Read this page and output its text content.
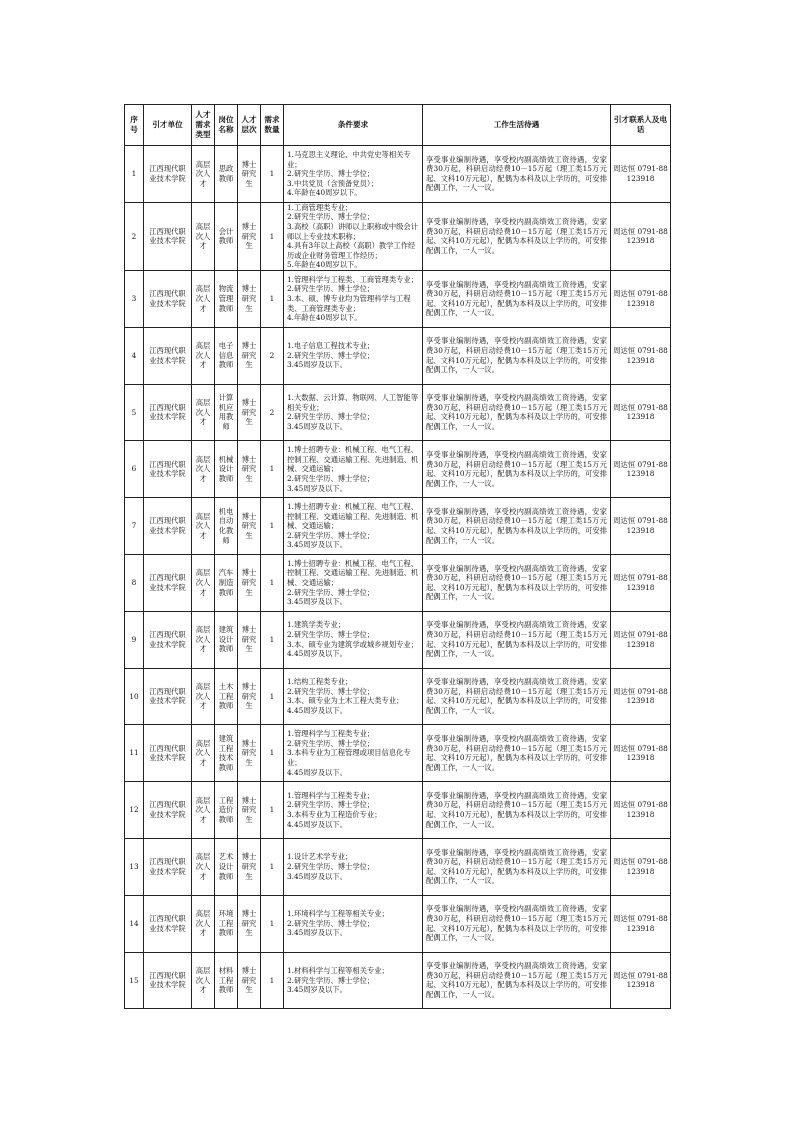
序号	引才单位	人才需求类型	岗位名称	人才层次	需求数量	条件要求	工作生活待遇	引才联系人及电话
1	江西现代职业技术学院	高层次人才	思政教师	博士研究生	1	1.马克思主义理论、中共党史等相关专业；
2.研究生学历、博士学位；
3.中共党员（含预备党员）；
4.年龄在40周岁以下。	享受事业编制待遇，享受校内副高绩效工资待遇，安家费30万起，科研启动经费10－15万起（理工类15万元起、文科10万元起），配偶为本科及以上学历的，可安排配偶工作，一人一议。	周达恒 0791-88123918
2	江西现代职业技术学院	高层次人才	会计教师	博士研究生	1	1.工商管理类专业；
2.研究生学历、博士学位；
3.高校（高职）讲师以上职称或中级会计师以上专业技术职称；
4.具有3年以上高校（高职）教学工作经历或企业财务管理工作经历；
5.年龄在40周岁以下。	享受事业编制待遇，享受校内副高绩效工资待遇，安家费30万起，科研启动经费10－15万起（理工类15万元起、文科10万元起），配偶为本科及以上学历的，可安排配偶工作，一人一议。	周达恒 0791-88123918
3	江西现代职业技术学院	高层次人才	物流管理教师	博士研究生	1	1.管理科学与工程类、工商管理类专业；
2.研究生学历、博士学位；
3.本、硕、博专业均为管理科学与工程类、工商管理类专业；
4.年龄在40周岁以下。	享受事业编制待遇，享受校内副高绩效工资待遇，安家费30万起，科研启动经费10－15万起（理工类15万元起、文科10万元起），配偶为本科及以上学历的，可安排配偶工作，一人一议。	周达恒 0791-88123918
4	江西现代职业技术学院	高层次人才	电子信息教师	博士研究生	2	1.电子信息工程技术专业；
2.研究生学历、博士学位；
3.45周岁及以下。	享受事业编制待遇，享受校内副高绩效工资待遇，安家费30万起，科研启动经费10－15万起（理工类15万元起、文科10万元起），配偶为本科及以上学历的，可安排配偶工作，一人一议。	周达恒 0791-88123918
5	江西现代职业技术学院	高层次人才	计算机应用教师	博士研究生	2	1.大数据、云计算、物联网、人工智能等相关专业；
2.研究生学历、博士学位；
3.45周岁及以下。	享受事业编制待遇，享受校内副高绩效工资待遇，安家费30万起，科研启动经费10－15万起（理工类15万元起、文科10万元起），配偶为本科及以上学历的，可安排配偶工作，一人一议。	周达恒 0791-88123918
6	江西现代职业技术学院	高层次人才	机械设计教师	博士研究生	1	1.博士招聘专业：机械工程、电气工程、控制工程、交通运输工程、先进制造、机械、交通运输；
2.研究生学历、博士学位；
3.45周岁及以下。	享受事业编制待遇，享受校内副高绩效工资待遇，安家费30万起，科研启动经费10－15万起（理工类15万元起、文科10万元起），配偶为本科及以上学历的，可安排配偶工作，一人一议。	周达恒 0791-88123918
7	江西现代职业技术学院	高层次人才	机电自动化教师	博士研究生	1	1.博士招聘专业：机械工程、电气工程、控制工程、交通运输工程、先进制造、机械、交通运输；
2.研究生学历、博士学位；
3.45周岁及以下。	享受事业编制待遇，享受校内副高绩效工资待遇，安家费30万起，科研启动经费10－15万起（理工类15万元起、文科10万元起），配偶为本科及以上学历的，可安排配偶工作，一人一议。	周达恒 0791-88123918
8	江西现代职业技术学院	高层次人才	汽车制造教师	博士研究生	1	1.博士招聘专业：机械工程、电气工程、控制工程、交通运输工程、先进制造、机械、交通运输；
2.研究生学历、博士学位；
3.45周岁及以下。	享受事业编制待遇，享受校内副高绩效工资待遇，安家费30万起，科研启动经费10－15万起（理工类15万元起、文科10万元起），配偶为本科及以上学历的，可安排配偶工作，一人一议。	周达恒 0791-88123918
9	江西现代职业技术学院	高层次人才	建筑设计教师	博士研究生	1	1.建筑学类专业；
2.研究生学历、博士学位；
3.本、硕专业为建筑学或城乡规划专业；
4.45周岁及以下。	享受事业编制待遇，享受校内副高绩效工资待遇，安家费30万起，科研启动经费10－15万起（理工类15万元起、文科10万元起），配偶为本科及以上学历的，可安排配偶工作，一人一议。	周达恒 0791-88123918
10	江西现代职业技术学院	高层次人才	土木工程教师	博士研究生	1	1.结构工程类专业；
2.研究生学历、博士学位；
3.本、硕专业为土木工程大类专业；
4.45周岁及以下。	享受事业编制待遇，享受校内副高绩效工资待遇，安家费30万起，科研启动经费10－15万起（理工类15万元起、文科10万元起），配偶为本科及以上学历的，可安排配偶工作，一人一议。	周达恒 0791-88123918
11	江西现代职业技术学院	高层次人才	建筑工程技术教师	博士研究生	1	1.管理科学与工程类专业；
2.研究生学历、博士学位；
3.本科专业为工程管理或项目信息化专业；
4.45周岁及以下。	享受事业编制待遇，享受校内副高绩效工资待遇，安家费30万起，科研启动经费10－15万起（理工类15万元起、文科10万元起），配偶为本科及以上学历的，可安排配偶工作，一人一议。	周达恒 0791-88123918
12	江西现代职业技术学院	高层次人才	工程造价教师	博士研究生	1	1.管理科学与工程类专业；
2.研究生学历、博士学位；
3.本科专业为工程造价专业；
4.45周岁及以下。	享受事业编制待遇，享受校内副高绩效工资待遇，安家费30万起，科研启动经费10－15万起（理工类15万元起、文科10万元起），配偶为本科及以上学历的，可安排配偶工作，一人一议。	周达恒 0791-88123918
13	江西现代职业技术学院	高层次人才	艺术设计教师	博士研究生	1	1.设计艺术学专业；
2.研究生学历、博士学位；
3.45周岁及以下。	享受事业编制待遇，享受校内副高绩效工资待遇，安家费30万起，科研启动经费10－15万起（理工类15万元起、文科10万元起），配偶为本科及以上学历的，可安排配偶工作，一人一议。	周达恒 0791-88123918
14	江西现代职业技术学院	高层次人才	环境工程教师	博士研究生	1	1.环境科学与工程等相关专业；
2.研究生学历、博士学位；
3.45周岁及以下。	享受事业编制待遇，享受校内副高绩效工资待遇，安家费30万起，科研启动经费10－15万起（理工类15万元起、文科10万元起），配偶为本科及以上学历的，可安排配偶工作，一人一议。	周达恒 0791-88123918
15	江西现代职业技术学院	高层次人才	材料工程教师	博士研究生	1	1.材料科学与工程等相关专业；
2.研究生学历、博士学位；
3.45周岁及以下。	享受事业编制待遇，享受校内副高绩效工资待遇，安家费30万起，科研启动经费10－15万起（理工类15万元起、文科10万元起），配偶为本科及以上学历的，可安排配偶工作，一人一议。	周达恒 0791-88123918
